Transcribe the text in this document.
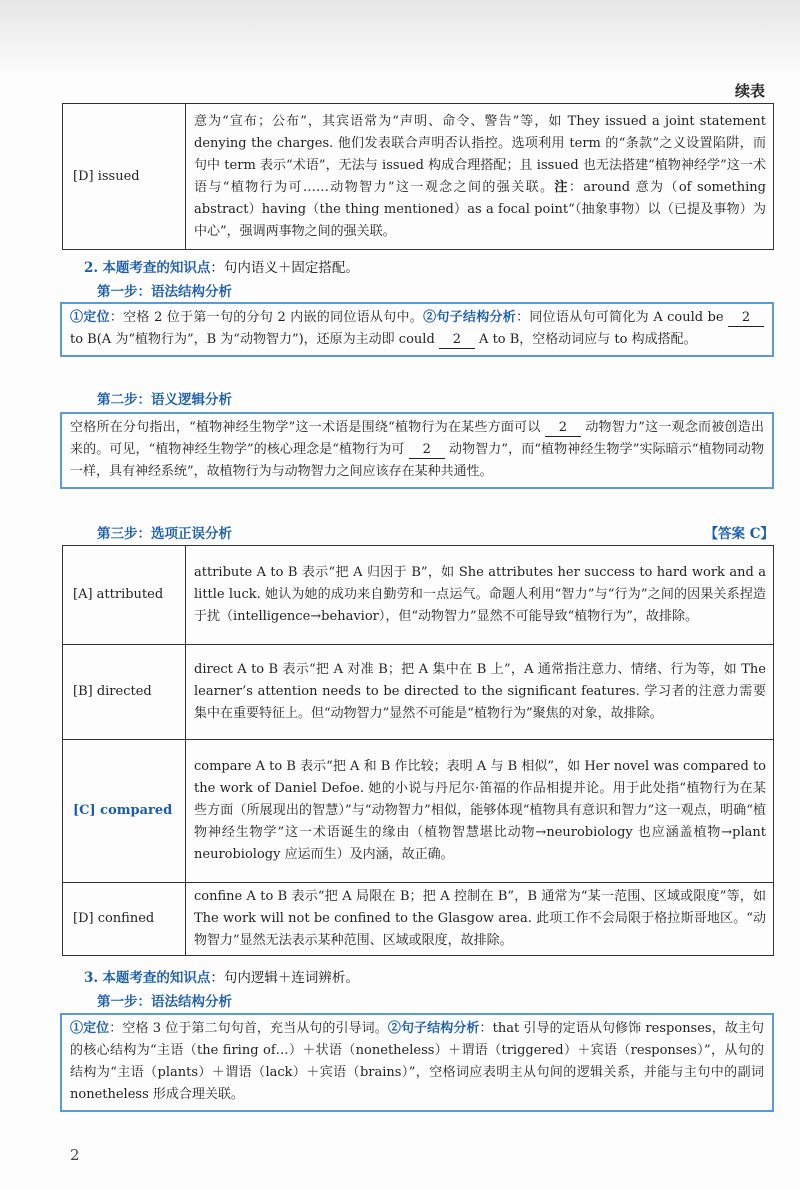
续表
[D] issued	意为“宣布；公布”，其宾语常为“声明、命令、警告”等，如 They issued a joint statement denying the charges. 他们发表联合声明否认指控。选项利用 term 的“条款”之义设置陷阱，而句中 term 表示“术语”，无法与 issued 构成合理搭配；且 issued 也无法搭建“植物神经学”这一术语与“植物行为可……动物智力”这一观念之间的强关联。注：around 意为（of something abstract）having（the thing mentioned）as a focal point“（抽象事物）以（已提及事物）为中心”，强调两事物之间的强关联。
2. 本题考查的知识点：句内语义＋固定搭配。
第一步：语法结构分析
①定位：空格 2 位于第一句的分句 2 内嵌的同位语从句中。②句子结构分析：同位语从句可简化为 A could be 2 to B(A 为“植物行为”，B 为“动物智力”)，还原为主动即 could 2 A to B，空格动词应与 to 构成搭配。
第二步：语义逻辑分析
空格所在分句指出，“植物神经生物学”这一术语是围绕“植物行为在某些方面可以 2 动物智力”这一观念而被创造出来的。可见，“植物神经生物学”的核心理念是“植物行为可 2 动物智力”，而“植物神经生物学”实际暗示“植物同动物一样，具有神经系统”，故植物行为与动物智力之间应该存在某种共通性。
第三步：选项正误分析	【答案 C】
[A] attributed	attribute A to B 表示“把 A 归因于 B”，如 She attributes her success to hard work and a little luck. 她认为她的成功来自勤劳和一点运气。命题人利用“智力”与“行为”之间的因果关系捏造于扰（intelligence→behavior），但“动物智力”显然不可能导致“植物行为”，故排除。
[B] directed	direct A to B 表示“把 A 对准 B；把 A 集中在 B 上”，A 通常指注意力、情绪、行为等，如 The learner’s attention needs to be directed to the significant features. 学习者的注意力需要集中在重要特征上。但“动物智力”显然不可能是“植物行为”聚焦的对象，故排除。
[C] compared	compare A to B 表示“把 A 和 B 作比较；表明 A 与 B 相似”，如 Her novel was compared to the work of Daniel Defoe. 她的小说与丹尼尔·笛福的作品相提并论。用于此处指“植物行为在某些方面（所展现出的智慧）”与“动物智力”相似，能够体现“植物具有意识和智力”这一观点，明确“植物神经生物学”这一术语诞生的缘由（植物智慧堪比动物→neurobiology 也应涵盖植物→plant neurobiology 应运而生）及内涵，故正确。
[D] confined	confine A to B 表示“把 A 局限在 B；把 A 控制在 B”，B 通常为“某一范围、区域或限度”等，如 The work will not be confined to the Glasgow area. 此项工作不会局限于格拉斯哥地区。“动物智力”显然无法表示某种范围、区域或限度，故排除。
3. 本题考查的知识点：句内逻辑＋连词辨析。
第一步：语法结构分析
①定位：空格 3 位于第二句句首，充当从句的引导词。②句子结构分析：that 引导的定语从句修饰 responses，故主句的核心结构为“主语（the firing of…）＋状语（nonetheless）＋谓语（triggered）＋宾语（responses）”，从句的结构为“主语（plants）＋谓语（lack）＋宾语（brains）”，空格词应表明主从句间的逻辑关系，并能与主句中的副词 nonetheless 形成合理关联。
2
